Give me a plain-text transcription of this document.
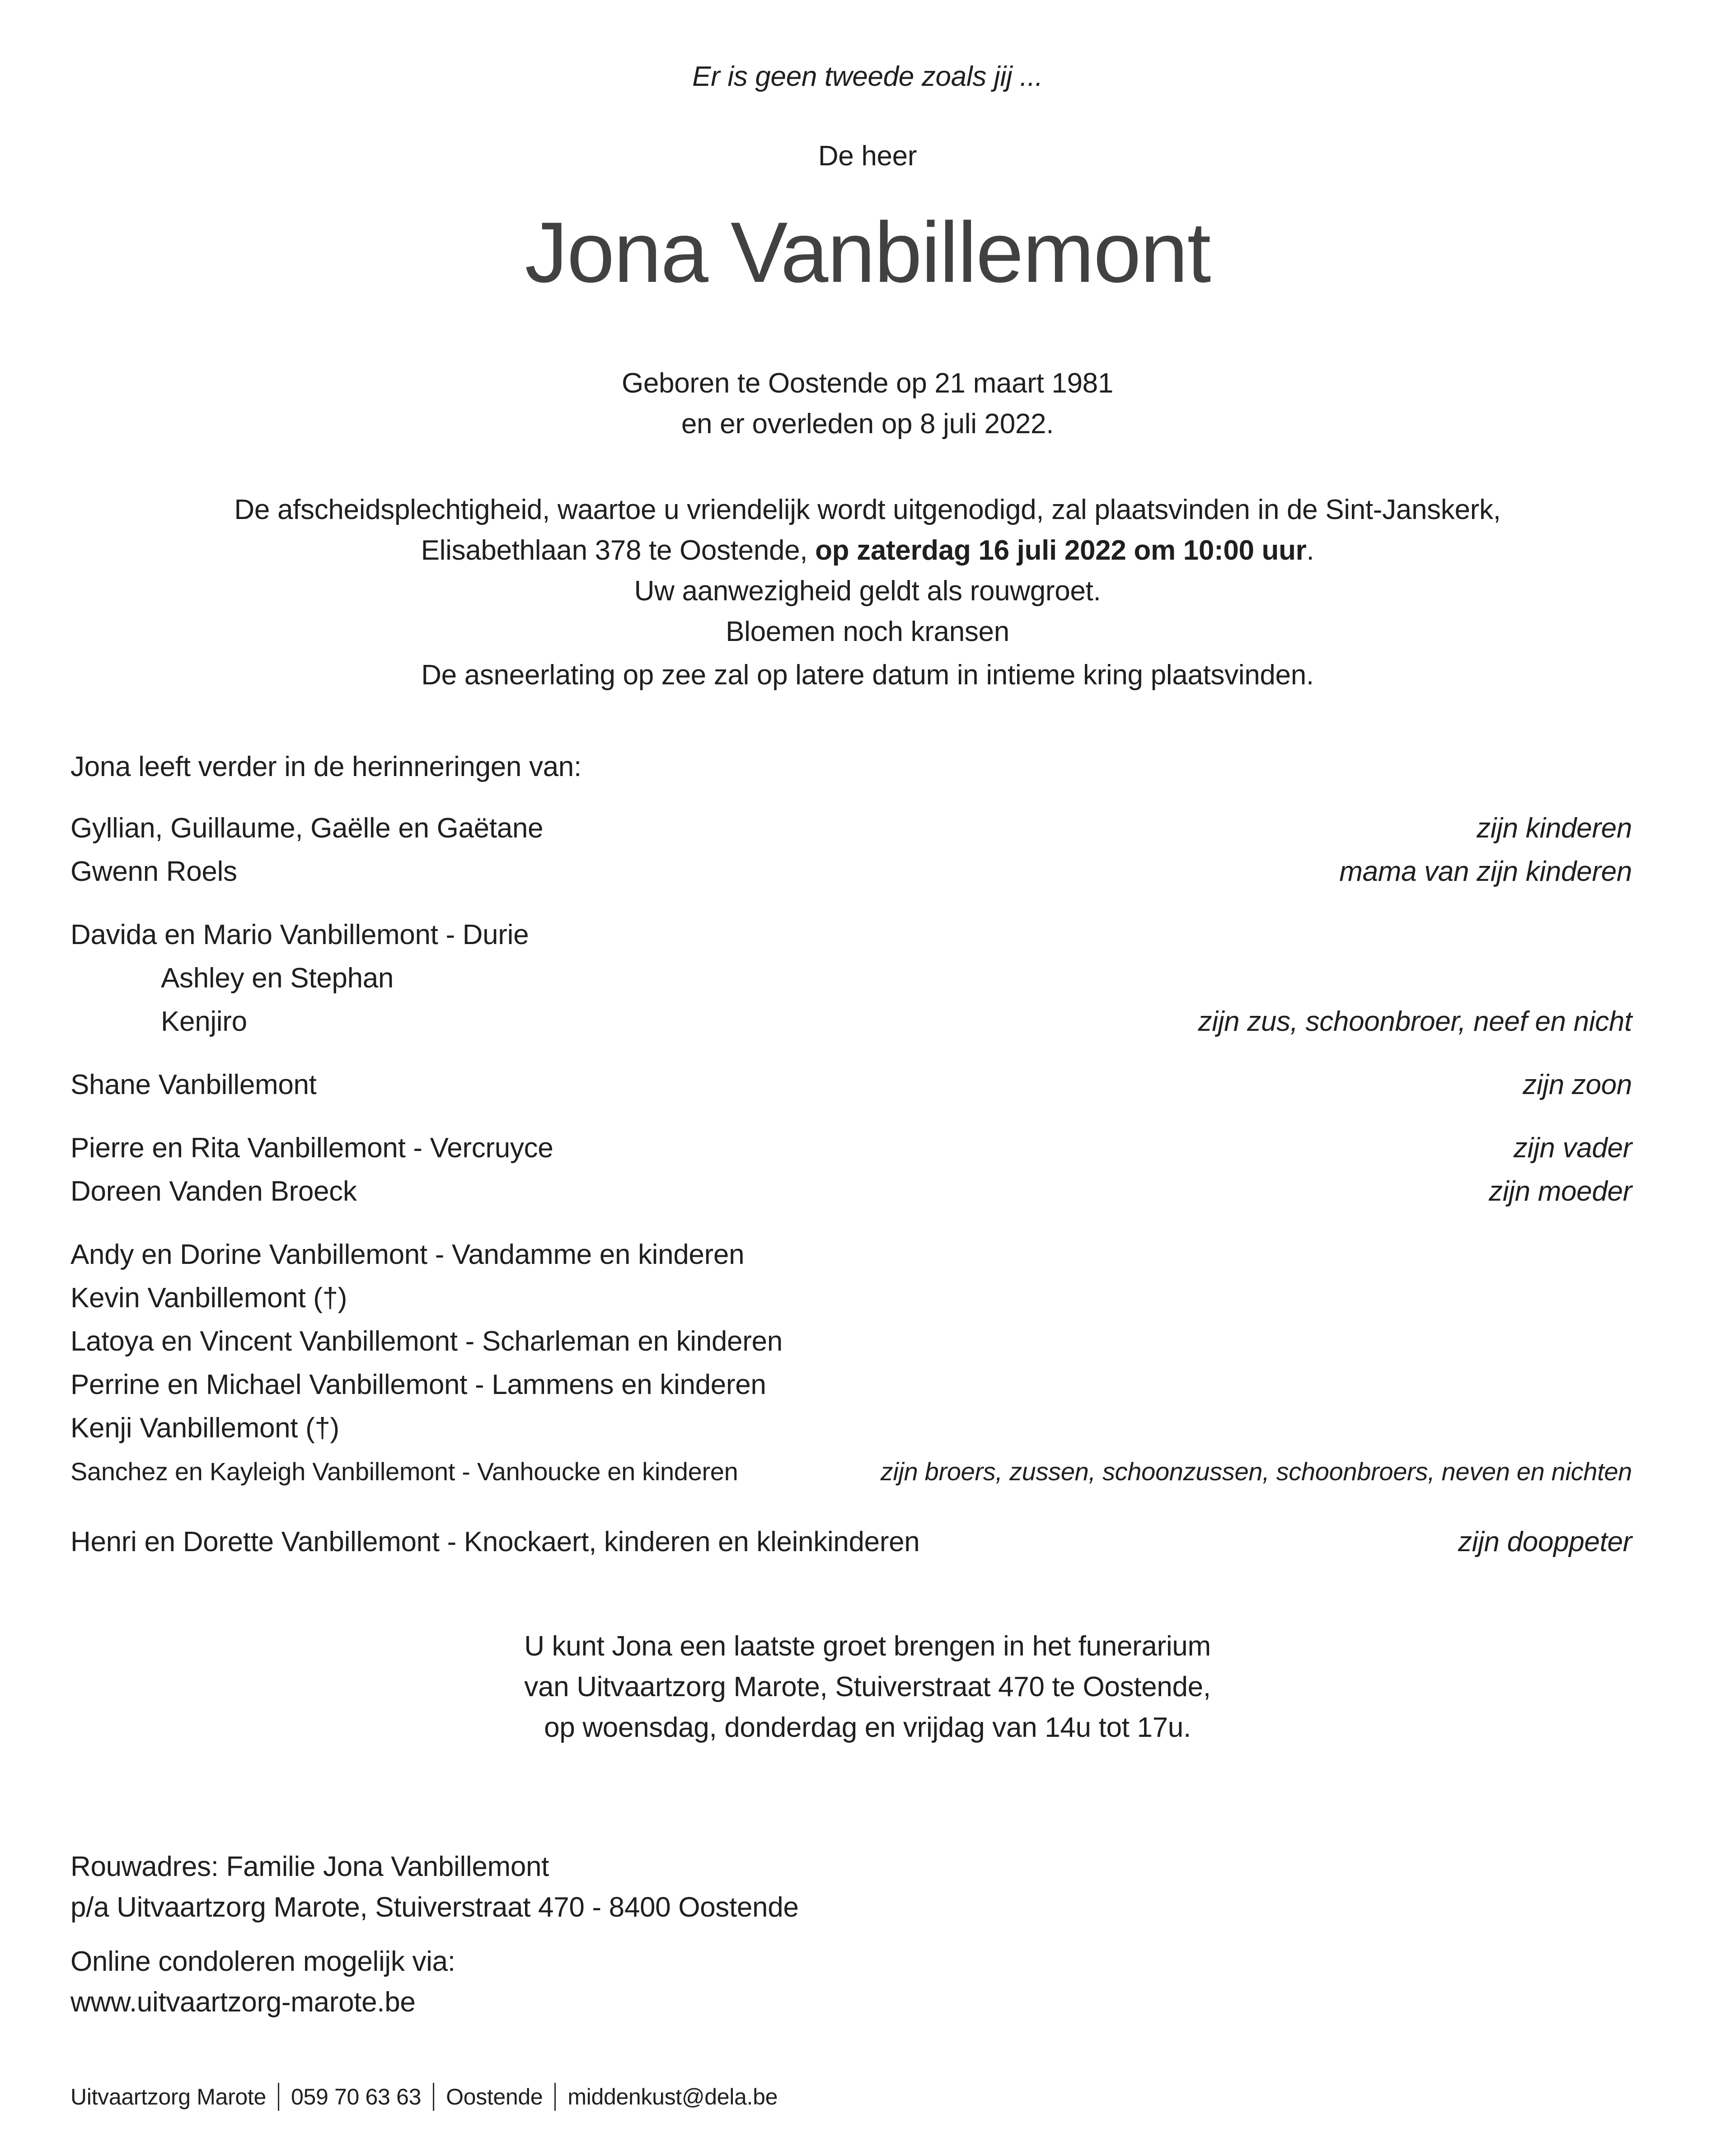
Er is geen tweede zoals jij ...
De heer
Jona Vanbillemont
Geboren te Oostende op 21 maart 1981
en er overleden op 8 juli 2022.
De afscheidsplechtigheid, waartoe u vriendelijk wordt uitgenodigd, zal plaatsvinden in de Sint-Janskerk,
Elisabethlaan 378 te Oostende, op zaterdag 16 juli 2022 om 10:00 uur.
Uw aanwezigheid geldt als rouwgroet.
Bloemen noch kransen
De asneerlating op zee zal op latere datum in intieme kring plaatsvinden.
Jona leeft verder in de herinneringen van:
Gyllian, Guillaume, Gaëlle en Gaëtane	zijn kinderen
Gwenn Roels	mama van zijn kinderen
Davida en Mario Vanbillemont - Durie
Ashley en Stephan
Kenjiro	zijn zus, schoonbroer, neef en nicht
Shane Vanbillemont	zijn zoon
Pierre en Rita Vanbillemont - Vercruyce	zijn vader
Doreen Vanden Broeck	zijn moeder
Andy en Dorine Vanbillemont - Vandamme en kinderen
Kevin Vanbillemont (†)
Latoya en Vincent Vanbillemont - Scharleman en kinderen
Perrine en Michael Vanbillemont - Lammens en kinderen
Kenji Vanbillemont (†)
Sanchez en Kayleigh Vanbillemont - Vanhoucke en kinderen	zijn broers, zussen, schoonzussen, schoonbroers, neven en nichten
Henri en Dorette Vanbillemont - Knockaert, kinderen en kleinkinderen	zijn dooppeter
U kunt Jona een laatste groet brengen in het funerarium
van Uitvaartzorg Marote, Stuiverstraat 470 te Oostende,
op woensdag, donderdag en vrijdag van 14u tot 17u.
Rouwadres: Familie Jona Vanbillemont
p/a Uitvaartzorg Marote, Stuiverstraat 470 - 8400 Oostende
Online condoleren mogelijk via:
www.uitvaartzorg-marote.be
Uitvaartzorg Marote 059 70 63 63 Oostende middenkust@dela.be
